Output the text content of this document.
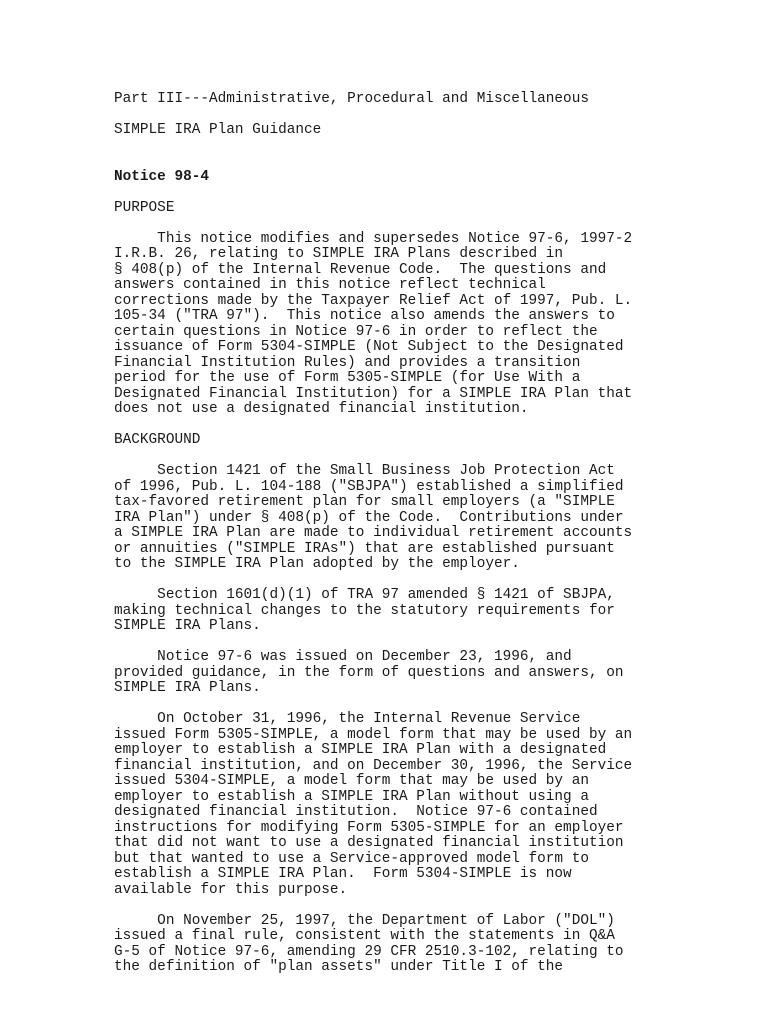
Part III---Administrative, Procedural and Miscellaneous
SIMPLE IRA Plan Guidance
Notice 98-4
PURPOSE
This notice modifies and supersedes Notice 97-6, 1997-2
I.R.B. 26, relating to SIMPLE IRA Plans described in
§ 408(p) of the Internal Revenue Code.  The questions and
answers contained in this notice reflect technical
corrections made by the Taxpayer Relief Act of 1997, Pub. L.
105-34 ("TRA 97").  This notice also amends the answers to
certain questions in Notice 97-6 in order to reflect the
issuance of Form 5304-SIMPLE (Not Subject to the Designated
Financial Institution Rules) and provides a transition
period for the use of Form 5305-SIMPLE (for Use With a
Designated Financial Institution) for a SIMPLE IRA Plan that
does not use a designated financial institution.
BACKGROUND
Section 1421 of the Small Business Job Protection Act
of 1996, Pub. L. 104-188 ("SBJPA") established a simplified
tax-favored retirement plan for small employers (a "SIMPLE
IRA Plan") under § 408(p) of the Code.  Contributions under
a SIMPLE IRA Plan are made to individual retirement accounts
or annuities ("SIMPLE IRAs") that are established pursuant
to the SIMPLE IRA Plan adopted by the employer.
Section 1601(d)(1) of TRA 97 amended § 1421 of SBJPA,
making technical changes to the statutory requirements for
SIMPLE IRA Plans.
Notice 97-6 was issued on December 23, 1996, and
provided guidance, in the form of questions and answers, on
SIMPLE IRA Plans.
On October 31, 1996, the Internal Revenue Service
issued Form 5305-SIMPLE, a model form that may be used by an
employer to establish a SIMPLE IRA Plan with a designated
financial institution, and on December 30, 1996, the Service
issued 5304-SIMPLE, a model form that may be used by an
employer to establish a SIMPLE IRA Plan without using a
designated financial institution.  Notice 97-6 contained
instructions for modifying Form 5305-SIMPLE for an employer
that did not want to use a designated financial institution
but that wanted to use a Service-approved model form to
establish a SIMPLE IRA Plan.  Form 5304-SIMPLE is now
available for this purpose.
On November 25, 1997, the Department of Labor ("DOL")
issued a final rule, consistent with the statements in Q&A
G-5 of Notice 97-6, amending 29 CFR 2510.3-102, relating to
the definition of "plan assets" under Title I of the
